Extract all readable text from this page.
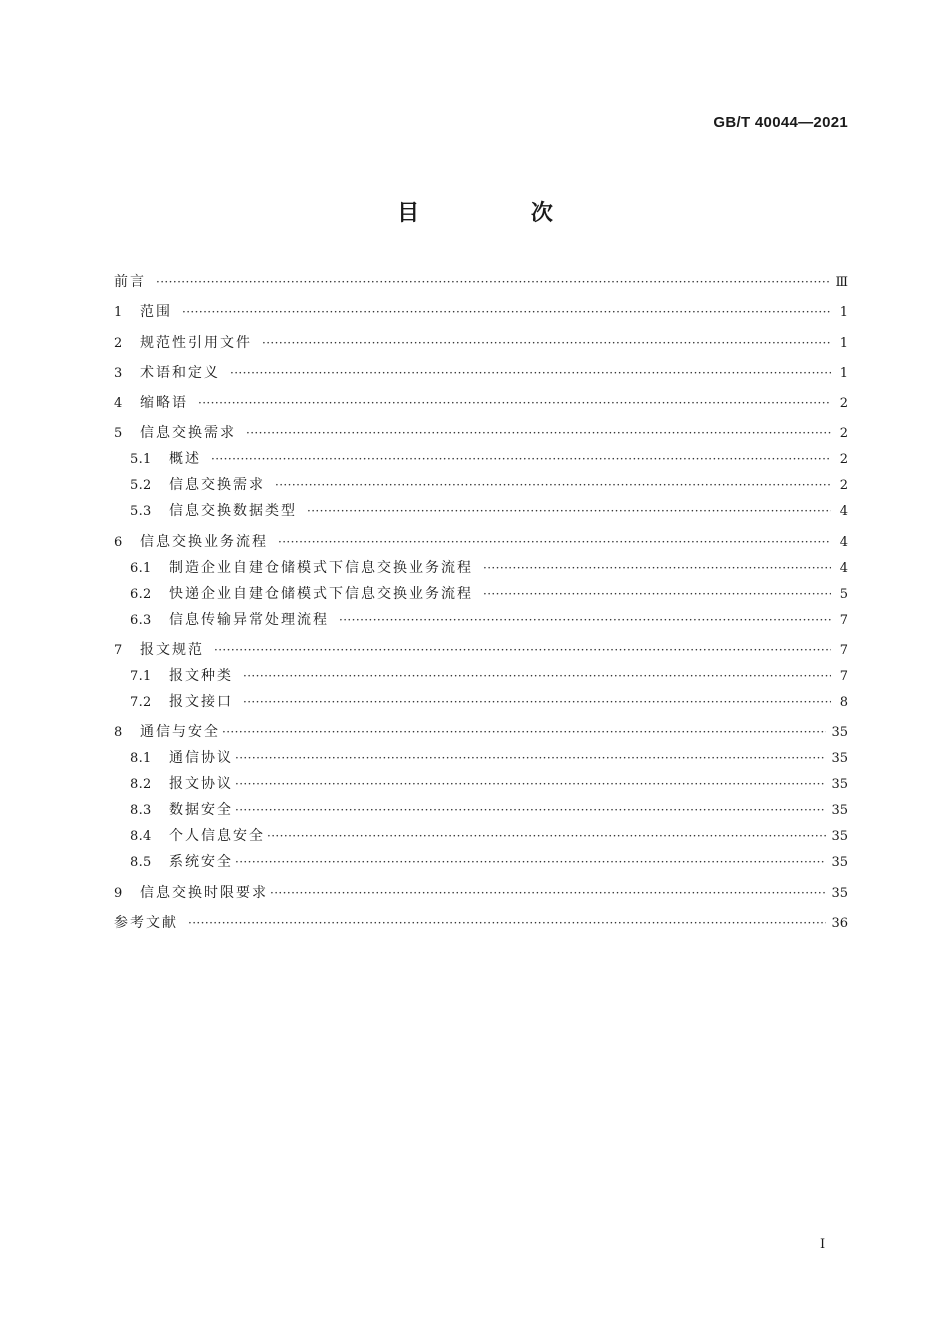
GB/T 40044—2021
目 次
前言 ·····	Ⅲ
1	范围 ·····	1
2	规范性引用文件 ·····	1
3	术语和定义 ·····	1
4	缩略语 ·····	2
5	信息交换需求 ·····	2
5.1	概述 ·····	2
5.2	信息交换需求 ·····	2
5.3	信息交换数据类型 ·····	4
6	信息交换业务流程 ·····	4
6.1	制造企业自建仓储模式下信息交换业务流程 ·····	4
6.2	快递企业自建仓储模式下信息交换业务流程 ·····	5
6.3	信息传输异常处理流程 ·····	7
7	报文规范 ·····	7
7.1	报文种类 ·····	7
7.2	报文接口 ·····	8
8	通信与安全 ·····	35
8.1	通信协议 ·····	35
8.2	报文协议 ·····	35
8.3	数据安全 ·····	35
8.4	个人信息安全 ·····	35
8.5	系统安全 ·····	35
9	信息交换时限要求 ·····	35
参考文献 ·····	36
Ⅰ
